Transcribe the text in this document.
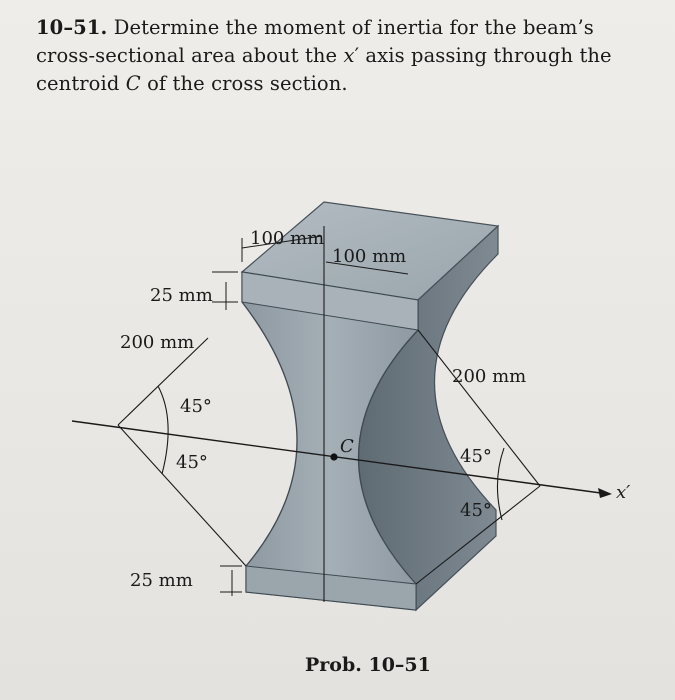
10–51. Determine the moment of inertia for the beam’s
cross-sectional area about the x′ axis passing through the
centroid C of the cross section.

100 mm
100 mm
25 mm
200 mm
200 mm
45°
45°	45°
45°
C
x′
25 mm
Prob. 10–51
